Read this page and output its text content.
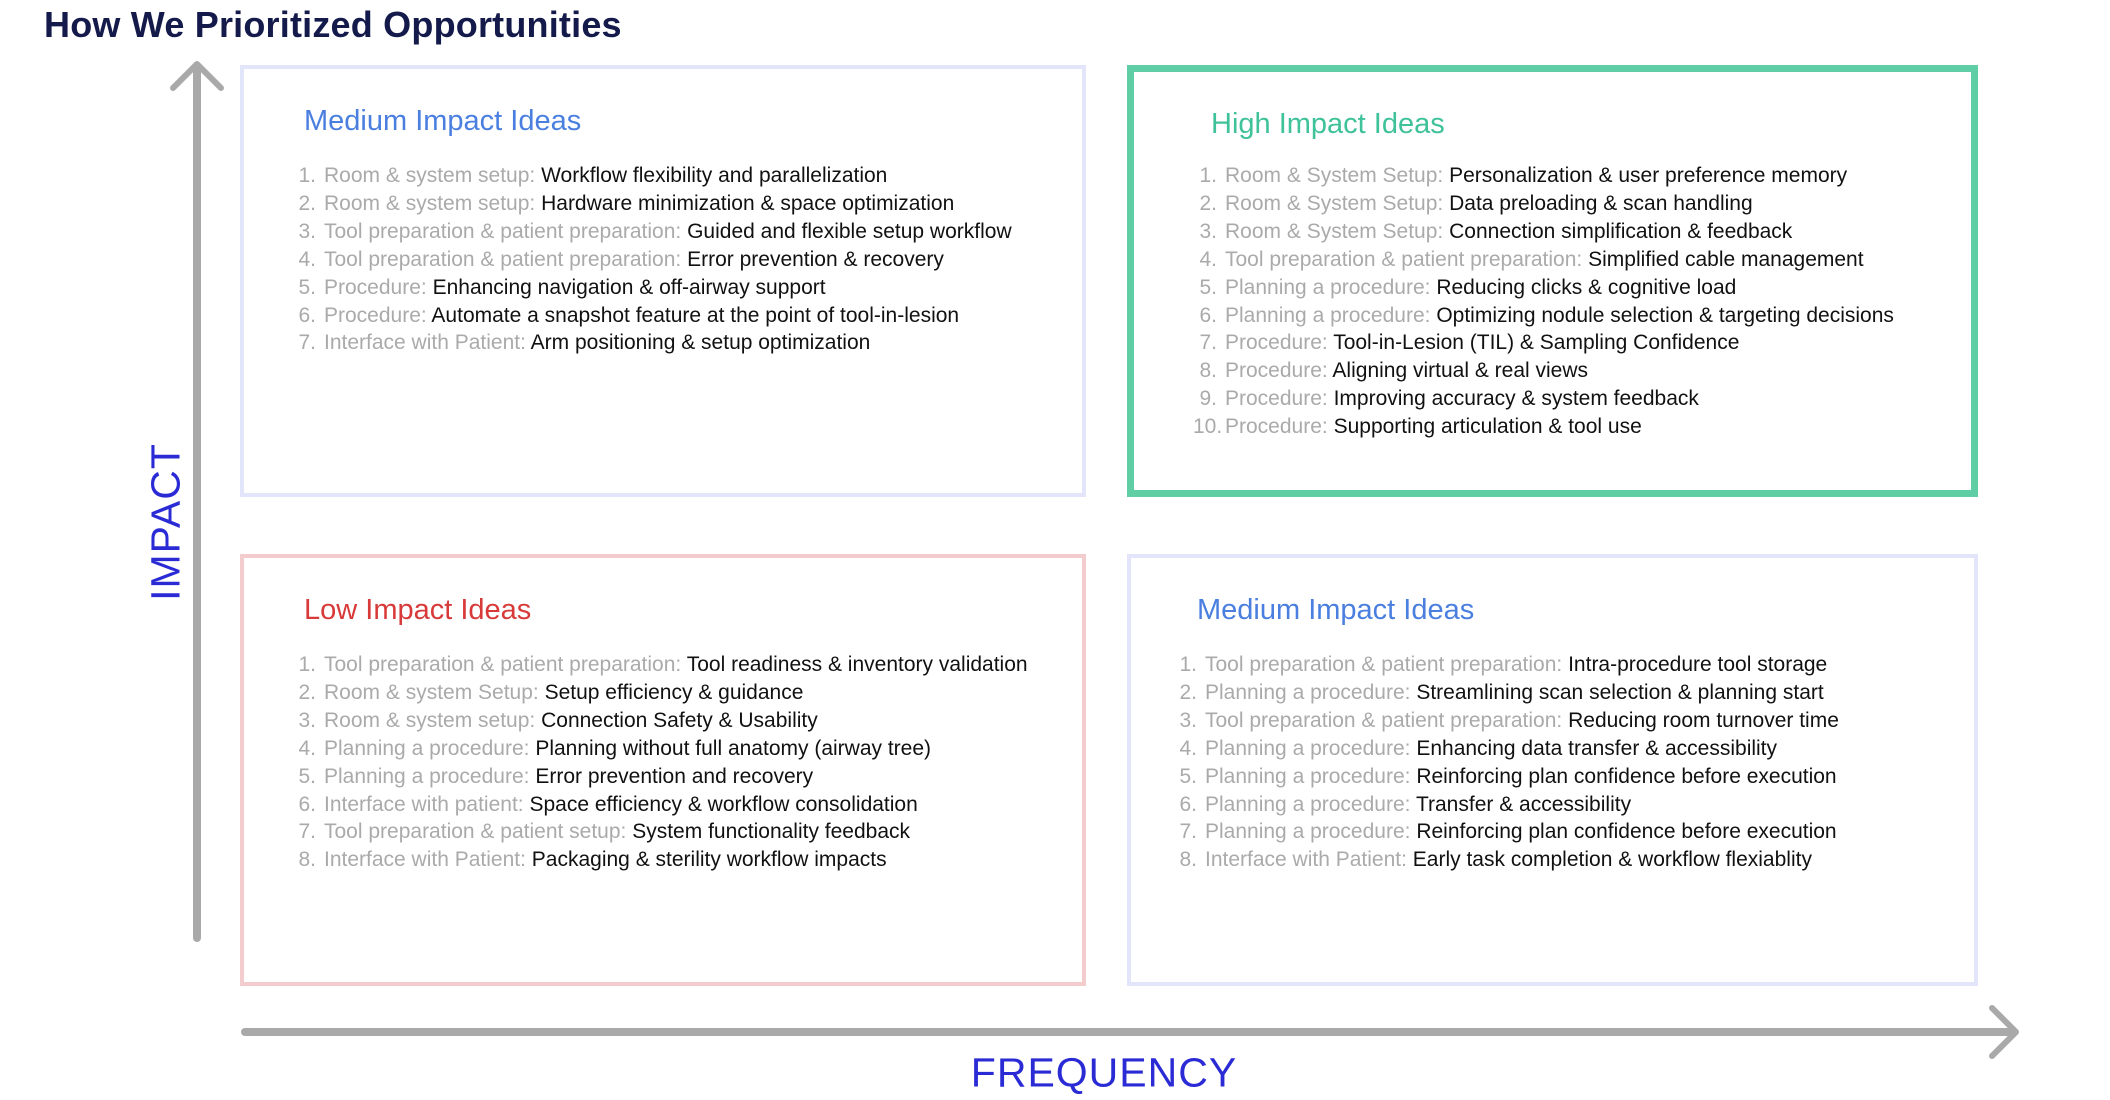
How We Prioritized Opportunities
IMPACT
FREQUENCY
Medium Impact Ideas
1. Room & system setup: Workflow flexibility and parallelization
2. Room & system setup: Hardware minimization & space optimization
3. Tool preparation & patient preparation: Guided and flexible setup workflow
4. Tool preparation & patient preparation: Error prevention & recovery
5. Procedure: Enhancing navigation & off-airway support
6. Procedure: Automate a snapshot feature at the point of tool-in-lesion
7. Interface with Patient: Arm positioning & setup optimization
High Impact Ideas
1. Room & System Setup: Personalization & user preference memory
2. Room & System Setup: Data preloading & scan handling
3. Room & System Setup: Connection simplification & feedback
4. Tool preparation & patient preparation: Simplified cable management
5. Planning a procedure: Reducing clicks & cognitive load
6. Planning a procedure: Optimizing nodule selection & targeting decisions
7. Procedure: Tool-in-Lesion (TIL) & Sampling Confidence
8. Procedure: Aligning virtual & real views
9. Procedure: Improving accuracy & system feedback
10. Procedure: Supporting articulation & tool use
Low Impact Ideas
1. Tool preparation & patient preparation: Tool readiness & inventory validation
2. Room & system Setup: Setup efficiency & guidance
3. Room & system setup: Connection Safety & Usability
4. Planning a procedure: Planning without full anatomy (airway tree)
5. Planning a procedure: Error prevention and recovery
6. Interface with patient: Space efficiency & workflow consolidation
7. Tool preparation & patient setup: System functionality feedback
8. Interface with Patient: Packaging & sterility workflow impacts
Medium Impact Ideas
1. Tool preparation & patient preparation: Intra-procedure tool storage
2. Planning a procedure: Streamlining scan selection & planning start
3. Tool preparation & patient preparation: Reducing room turnover time
4. Planning a procedure: Enhancing data transfer & accessibility
5. Planning a procedure: Reinforcing plan confidence before execution
6. Planning a procedure: Transfer & accessibility
7. Planning a procedure: Reinforcing plan confidence before execution
8. Interface with Patient: Early task completion & workflow flexiablity
